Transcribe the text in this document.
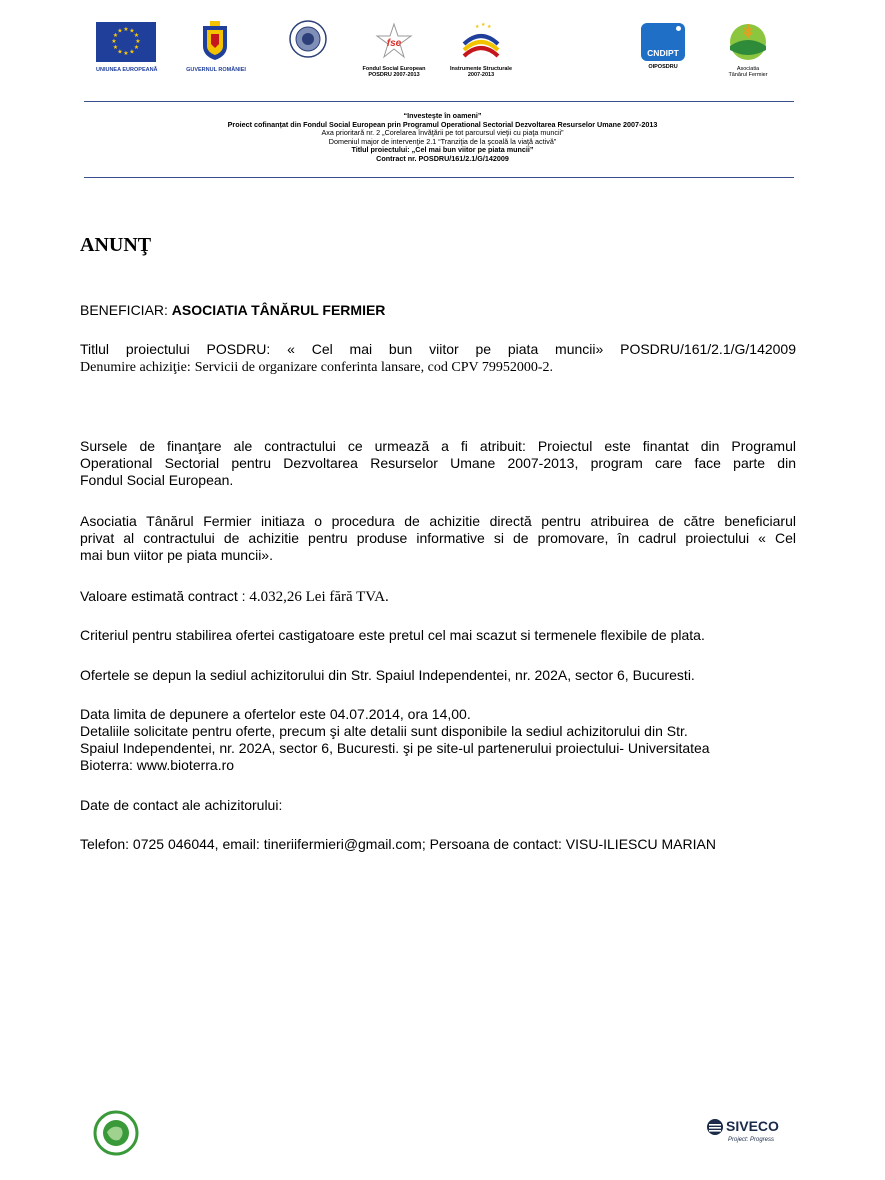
★ ★
★
★
★
★
★
★
★
★
★
★
UNIUNEA EUROPEANĂ	GUVERNUL ROMÂNIEI
fse
Fondul Social European
POSDRU 2007-2013
★ ★ ★
Instrumente Structurale
2007-2013
CNDIPT
OIPOSDRU	Asociatia
Tânărul Fermier
“Investeşte în oameni”
Proiect cofinanțat din Fondul Social European prin Programul Operational Sectorial Dezvoltarea Resurselor Umane 2007-2013
Axa prioritară nr. 2 „Corelarea învăţării pe tot parcursul vieţii cu piaţa muncii”
Domeniul major de intervenţie 2.1 “Tranziţia de la şcoală la viaţă activă”
Titlul proiectului: „Cel mai bun viitor pe piata muncii”
Contract nr. POSDRU/161/2.1/G/142009
ANUNŢ
BENEFICIAR: ASOCIATIA TÂNĂRUL FERMIER
Titlul proiectului POSDRU: « Cel mai bun viitor pe piata muncii» POSDRU/161/2.1/G/142009
Denumire achiziţie: Servicii de organizare conferinta lansare, cod CPV 79952000-2.
Sursele de finanţare ale contractului ce urmează a fi atribuit: Proiectul este finantat din Programul
Operational Sectorial pentru Dezvoltarea Resurselor Umane 2007-2013, program care face parte din
Fondul Social European.
Asociatia Tânărul Fermier initiaza o procedura de achizitie directă pentru atribuirea de către beneficiarul
privat al contractului de achizitie pentru produse informative si de promovare, în cadrul proiectului « Cel
mai bun viitor pe piata muncii».
Valoare estimată contract : 4.032,26 Lei fără TVA.
Criteriul pentru stabilirea ofertei castigatoare este pretul cel mai scazut si termenele flexibile de plata.
Ofertele se depun la sediul achizitorului din Str. Spaiul Independentei, nr. 202A, sector 6, Bucuresti.
Data limita de depunere a ofertelor este 04.07.2014, ora 14,00.
Detaliile solicitate pentru oferte, precum şi alte detalii sunt disponibile la sediul achizitorului din Str.
Spaiul Independentei, nr. 202A, sector 6, Bucuresti. şi pe site-ul partenerului proiectului- Universitatea
Bioterra: www.bioterra.ro
Date de contact ale achizitorului:
Telefon: 0725 046044, email: tineriifermieri@gmail.com; Persoana de contact: VISU-ILIESCU MARIAN
SIVECO
Project: Progress
